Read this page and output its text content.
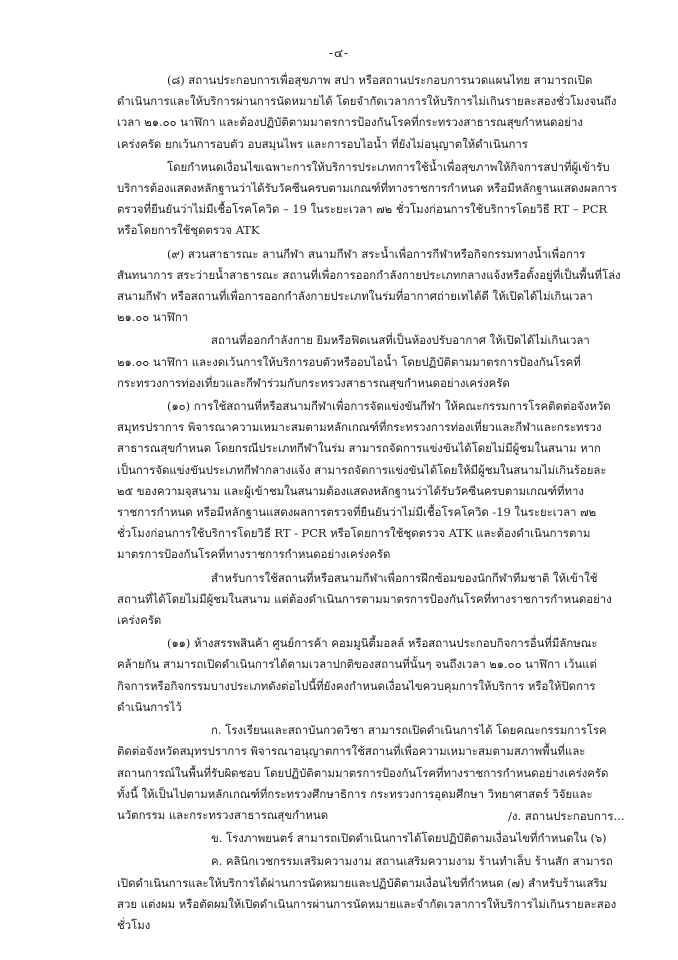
-๔-

(๘) สถานประกอบการเพื่อสุขภาพ สปา หรือสถานประกอบการนวดแผนไทย สามารถเปิดดำเนินการและให้บริการผ่านการนัดหมายได้ โดยจำกัดเวลาการให้บริการไม่เกินรายละสองชั่วโมงจนถึงเวลา ๒๑.๐๐ นาฬิกา และต้องปฏิบัติตามมาตรการป้องกันโรคที่กระทรวงสาธารณสุขกำหนดอย่างเคร่งครัด ยกเว้นการอบตัว อบสมุนไพร และการอบไอน้ำ ที่ยังไม่อนุญาตให้ดำเนินการ

โดยกำหนดเงื่อนไขเฉพาะการให้บริการประเภทการใช้น้ำเพื่อสุขภาพให้กิจการสปาที่ผู้เข้ารับบริการต้องแสดงหลักฐานว่าได้รับวัคซีนครบตามเกณฑ์ที่ทางราชการกำหนด หรือมีหลักฐานแสดงผลการตรวจที่ยืนยันว่าไม่มีเชื้อโรคโควิด – 19 ในระยะเวลา ๗๒ ชั่วโมงก่อนการใช้บริการโดยวิธี RT – PCR หรือโดยการใช้ชุดตรวจ ATK

(๙) สวนสาธารณะ ลานกีฬา สนามกีฬา สระน้ำเพื่อการกีฬาหรือกิจกรรมทางน้ำเพื่อการสันทนาการ สระว่ายน้ำสาธารณะ สถานที่เพื่อการออกกำลังกายประเภทกลางแจ้งหรือตั้งอยู่ที่เป็นพื้นที่โล่ง สนามกีฬา หรือสถานที่เพื่อการออกกำลังกายประเภทในร่มที่อากาศถ่ายเทได้ดี ให้เปิดได้ไม่เกินเวลา ๒๑.๐๐ นาฬิกา

สถานที่ออกกำลังกาย ยิมหรือฟิตเนสที่เป็นห้องปรับอากาศ ให้เปิดได้ไม่เกินเวลา ๒๑.๐๐ นาฬิกา และงดเว้นการให้บริการอบตัวหรืออบไอน้ำ โดยปฏิบัติตามมาตรการป้องกันโรคที่กระทรวงการท่องเที่ยวและกีฬาร่วมกับกระทรวงสาธารณสุขกำหนดอย่างเคร่งครัด

(๑๐) การใช้สถานที่หรือสนามกีฬาเพื่อการจัดแข่งขันกีฬา ให้คณะกรรมการโรคติดต่อจังหวัดสมุทรปราการ พิจารณาความเหมาะสมตามหลักเกณฑ์ที่กระทรวงการท่องเที่ยวและกีฬาและกระทรวงสาธารณสุขกำหนด โดยกรณีประเภทกีฬาในร่ม สามารถจัดการแข่งขันได้โดยไม่มีผู้ชมในสนาม หากเป็นการจัดแข่งขันประเภทกีฬากลางแจ้ง สามารถจัดการแข่งขันได้โดยให้มีผู้ชมในสนามไม่เกินร้อยละ ๒๕ ของความจุสนาม และผู้เข้าชมในสนามต้องแสดงหลักฐานว่าได้รับวัคซีนครบตามเกณฑ์ที่ทางราชการกำหนด หรือมีหลักฐานแสดงผลการตรวจที่ยืนยันว่าไม่มีเชื้อโรคโควิด -19 ในระยะเวลา ๗๒ ชั่วโมงก่อนการใช้บริการโดยวิธี RT - PCR หรือโดยการใช้ชุดตรวจ ATK และต้องดำเนินการตามมาตรการป้องกันโรคที่ทางราชการกำหนดอย่างเคร่งครัด

สำหรับการใช้สถานที่หรือสนามกีฬาเพื่อการฝึกซ้อมของนักกีฬาทีมชาติ ให้เข้าใช้สถานที่ได้โดยไม่มีผู้ชมในสนาม แต่ต้องดำเนินการตามมาตรการป้องกันโรคที่ทางราชการกำหนดอย่างเคร่งครัด

(๑๑) ห้างสรรพสินค้า ศูนย์การค้า คอมมูนิตี้มอลล์ หรือสถานประกอบกิจการอื่นที่มีลักษณะคล้ายกัน สามารถเปิดดำเนินการได้ตามเวลาปกติของสถานที่นั้นๆ จนถึงเวลา ๒๑.๐๐ นาฬิกา เว้นแต่กิจการหรือกิจกรรมบางประเภทดังต่อไปนี้ที่ยังคงกำหนดเงื่อนไขควบคุมการให้บริการ หรือให้ปิดการดำเนินการไว้

ก. โรงเรียนและสถาบันกวดวิชา สามารถเปิดดำเนินการได้ โดยคณะกรรมการโรคติดต่อจังหวัดสมุทรปราการ พิจารณาอนุญาตการใช้สถานที่เพื่อความเหมาะสมตามสภาพพื้นที่และสถานการณ์ในพื้นที่รับผิดชอบ โดยปฏิบัติตามมาตรการป้องกันโรคที่ทางราชการกำหนดอย่างเคร่งครัด ทั้งนี้ ให้เป็นไปตามหลักเกณฑ์ที่กระทรวงศึกษาธิการ กระทรวงการอุดมศึกษา วิทยาศาสตร์ วิจัยและนวัตกรรม และกระทรวงสาธารณสุขกำหนด

ข. โรงภาพยนตร์ สามารถเปิดดำเนินการได้โดยปฏิบัติตามเงื่อนไขที่กำหนดใน (๖)

ค. คลินิกเวชกรรมเสริมความงาม สถานเสริมความงาม ร้านทำเล็บ ร้านสัก สามารถเปิดดำเนินการและให้บริการได้ผ่านการนัดหมายและปฏิบัติตามเงื่อนไขที่กำหนด (๗) สำหรับร้านเสริมสวย แต่งผม หรือตัดผมให้เปิดดำเนินการผ่านการนัดหมายและจำกัดเวลาการให้บริการไม่เกินรายละสองชั่วโมง

/ง. สถานประกอบการ...
